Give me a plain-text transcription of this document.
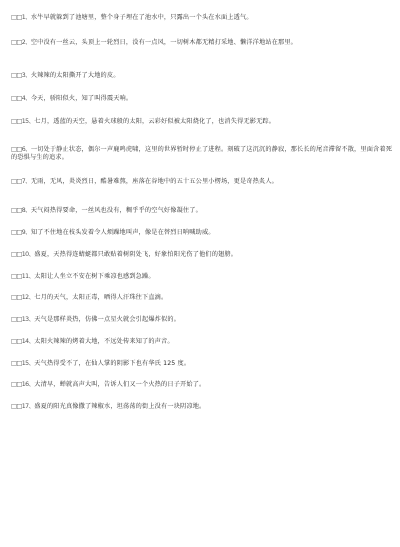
□□1、水牛早就躲到了池塘里，整个身子埋在了池水中，只露出一个头在水面上透气。
□□2、空中没有一丝云，头顶上一轮烈日，没有一点风，一切树木都无精打采地、懒洋洋地站在那里。
□□3、火辣辣的太阳撕开了大地的皮。
□□4、今天，骄阳似火，知了叫得震天响。
□□15、七月，透蓝的天空，悬着火球般的太阳，云彩好似被太阳烧化了，也消失得无影无踪。
□□6、一切处于静止状态，偶尔一声鹿鸣虎啸，这里的世界暂时停止了进程。刻破了这沉沉的静寂，那长长的尾音滞留不散，里面含着死的恐惧与生的追求。
□□7、无雨，无风，炎炎烈日，酷暑难熬，座落在谷地中的五十五公里小楞场，更是奇热炙人。
□□8、天气闷热得要命，一丝风也没有，稠乎乎的空气好像凝住了。
□□9、知了不住地在枝头发着令人烦躁地叫声，像是在替烈日呐喊助威。
□□10、盛夏，天热得连蜻蜓都只敢贴着树阴处飞，好象怕阳光伤了他们的翅膀。
□□11、太阳让人坐立不安在树下乘凉也感到急躁。
□□12、七月的天气，太阳正毒，晒得人汗珠往下直滴。
□□13、天气是那样炎热，仿佛一点星火就会引起爆炸似的。
□□14、太阳火辣辣的烤着大地，不远处传来知了的声音。
□□15、天气热得受不了，在仙人掌的阴影下也有华氏 125 度。
□□16、大清早，蝉就高声大叫，告诉人们又一个火热的日子开始了。
□□17、盛夏的阳光真像撒了辣椒水，坦荡荡的街上没有一块阴凉地。
